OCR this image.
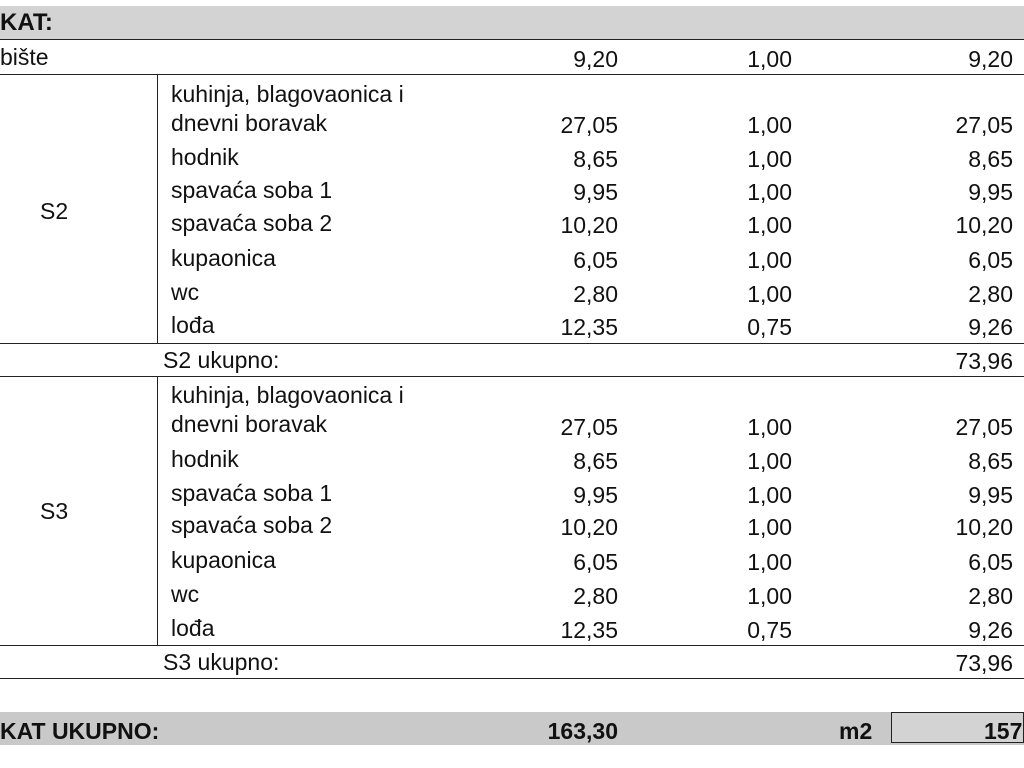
KAT:
bište	9,20	1,00	9,20
S2
kuhinja, blagovaonica i
dnevni boravak	27,05	1,00	27,05
hodnik	8,65	1,00	8,65
spavaća soba 1	9,95	1,00	9,95
spavaća soba 2	10,20	1,00	10,20
kupaonica	6,05	1,00	6,05
wc	2,80	1,00	2,80
lođa	12,35	0,75	9,26
S2 ukupno:	73,96
S3
kuhinja, blagovaonica i
dnevni boravak	27,05	1,00	27,05
hodnik	8,65	1,00	8,65
spavaća soba 1	9,95	1,00	9,95
spavaća soba 2	10,20	1,00	10,20
kupaonica	6,05	1,00	6,05
wc	2,80	1,00	2,80
lođa	12,35	0,75	9,26
S3 ukupno:	73,96
KAT UKUPNO:	163,30	m2	157
